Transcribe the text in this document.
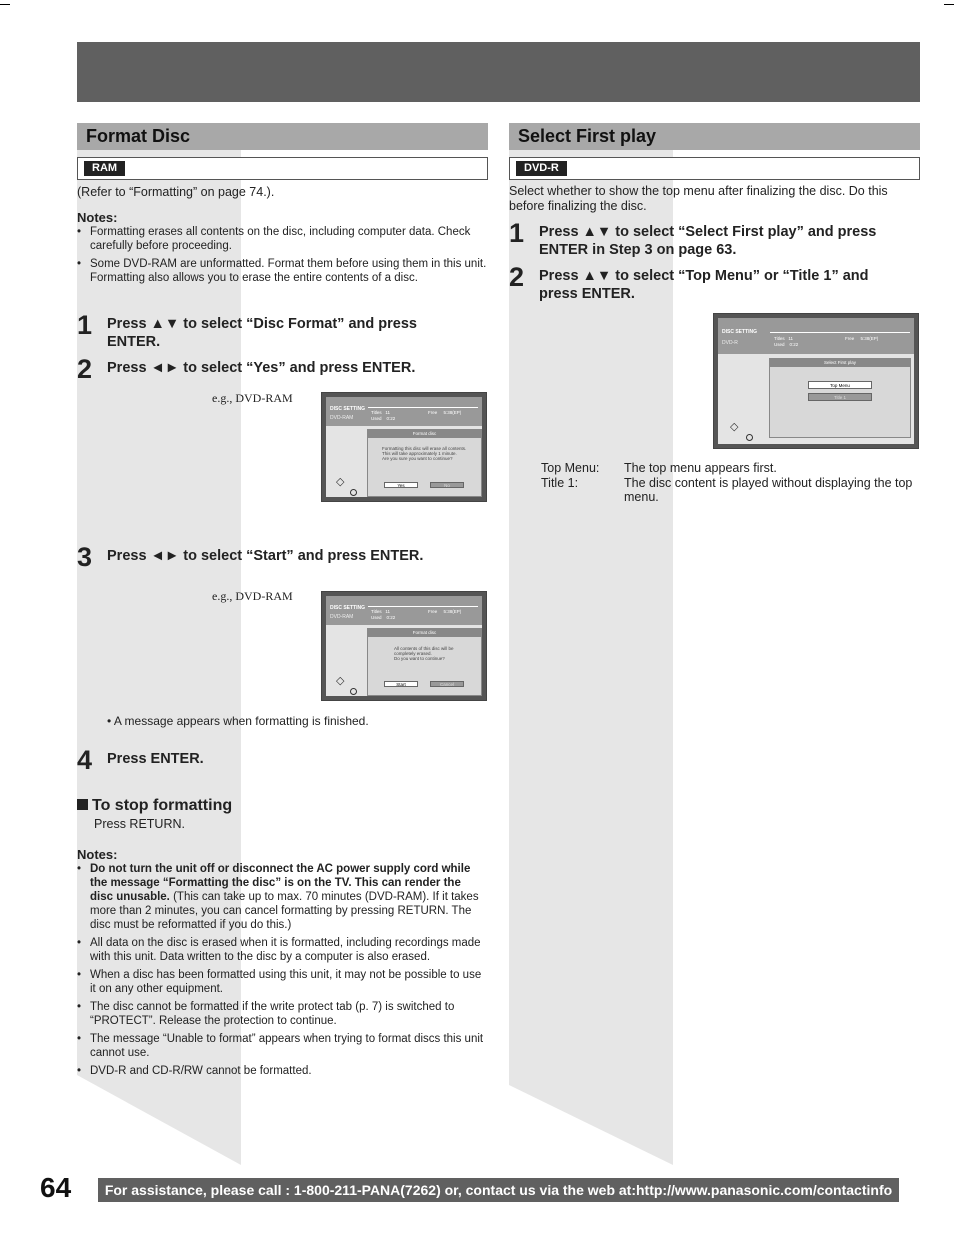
Format Disc
RAM
(Refer to “Formatting” on page 74.).
Notes:
• Formatting erases all contents on the disc, including computer data. Check carefully before proceeding.
• Some DVD-RAM are unformatted. Format them before using them in this unit. Formatting also allows you to erase the entire contents of a disc.
1 Press ▲▼ to select “Disc Format” and press ENTER.
2 Press ◄► to select “Yes” and press ENTER.
e.g., DVD-RAM
DISC SETTING
DVD-RAM
Titles   11
Used    0:22
Free     5:38(EP)
Format disc
Formatting this disc will erase all contents.
This will take approximately 1 minute.
Are you sure you want to continue?
Yes	No
◇
3 Press ◄► to select “Start” and press ENTER.
e.g., DVD-RAM
DISC SETTING
DVD-RAM
Titles   11
Used    0:22
Free     5:38(EP)
Format disc
All contents of this disc will be
completely erased.
Do you want to continue?
Start	Cancel
◇
• A message appears when formatting is finished.
4 Press ENTER.
To stop formatting
Press RETURN.
Notes:
• Do not turn the unit off or disconnect the AC power supply cord while the message “Formatting the disc” is on the TV. This can render the disc unusable. (This can take up to max. 70 minutes (DVD-RAM). If it takes more than 2 minutes, you can cancel formatting by pressing RETURN. The disc must be reformatted if you do this.)
• All data on the disc is erased when it is formatted, including recordings made with this unit. Data written to the disc by a computer is also erased.
• When a disc has been formatted using this unit, it may not be possible to use it on any other equipment.
• The disc cannot be formatted if the write protect tab (p. 7) is switched to “PROTECT”. Release the protection to continue.
• The message “Unable to format” appears when trying to format discs this unit cannot use.
• DVD-R and CD-R/RW cannot be formatted.
Select First play
DVD-R
Select whether to show the top menu after finalizing the disc. Do this before finalizing the disc.
1 Press ▲▼ to select “Select First play” and press ENTER in Step 3 on page 63.
2 Press ▲▼ to select “Top Menu” or “Title 1” and press ENTER.
DISC SETTING
DVD-R
Titles   11
Used    0:22
Free     5:38(EP)
Select First play
Top Menu
Title 1
◇
Top Menu: The top menu appears first.
Title 1:	The disc content is played without displaying the top menu.
64	For assistance, please call : 1-800-211-PANA(7262) or, contact us via the web at:http://www.panasonic.com/contactinfo
